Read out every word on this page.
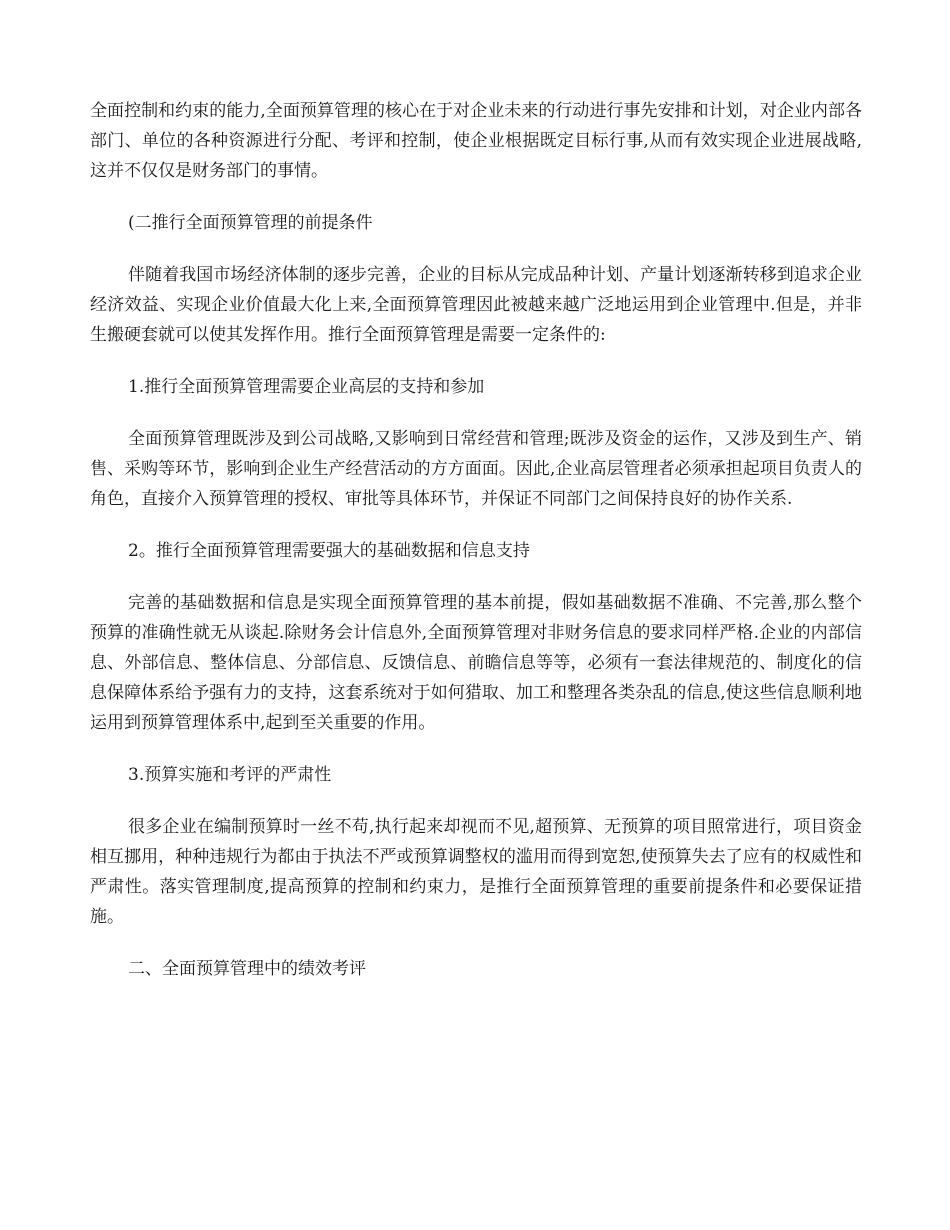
全面控制和约束的能力,全面预算管理的核心在于对企业未来的行动进行事先安排和计划，对企业内部各部门、单位的各种资源进行分配、考评和控制，使企业根据既定目标行事,从而有效实现企业进展战略,这并不仅仅是财务部门的事情。

(二推行全面预算管理的前提条件

伴随着我国市场经济体制的逐步完善，企业的目标从完成品种计划、产量计划逐渐转移到追求企业经济效益、实现企业价值最大化上来,全面预算管理因此被越来越广泛地运用到企业管理中.但是，并非生搬硬套就可以使其发挥作用。推行全面预算管理是需要一定条件的:

1.推行全面预算管理需要企业高层的支持和参加

全面预算管理既涉及到公司战略,又影响到日常经营和管理;既涉及资金的运作，又涉及到生产、销售、采购等环节，影响到企业生产经营活动的方方面面。因此,企业高层管理者必须承担起项目负责人的角色，直接介入预算管理的授权、审批等具体环节，并保证不同部门之间保持良好的协作关系.

2。推行全面预算管理需要强大的基础数据和信息支持

完善的基础数据和信息是实现全面预算管理的基本前提，假如基础数据不准确、不完善,那么整个预算的准确性就无从谈起.除财务会计信息外,全面预算管理对非财务信息的要求同样严格.企业的内部信息、外部信息、整体信息、分部信息、反馈信息、前瞻信息等等，必须有一套法律规范的、制度化的信息保障体系给予强有力的支持，这套系统对于如何猎取、加工和整理各类杂乱的信息,使这些信息顺利地运用到预算管理体系中,起到至关重要的作用。

3.预算实施和考评的严肃性

很多企业在编制预算时一丝不苟,执行起来却视而不见,超预算、无预算的项目照常进行，项目资金相互挪用，种种违规行为都由于执法不严或预算调整权的滥用而得到宽恕,使预算失去了应有的权威性和严肃性。落实管理制度,提高预算的控制和约束力，是推行全面预算管理的重要前提条件和必要保证措施。

二、全面预算管理中的绩效考评
